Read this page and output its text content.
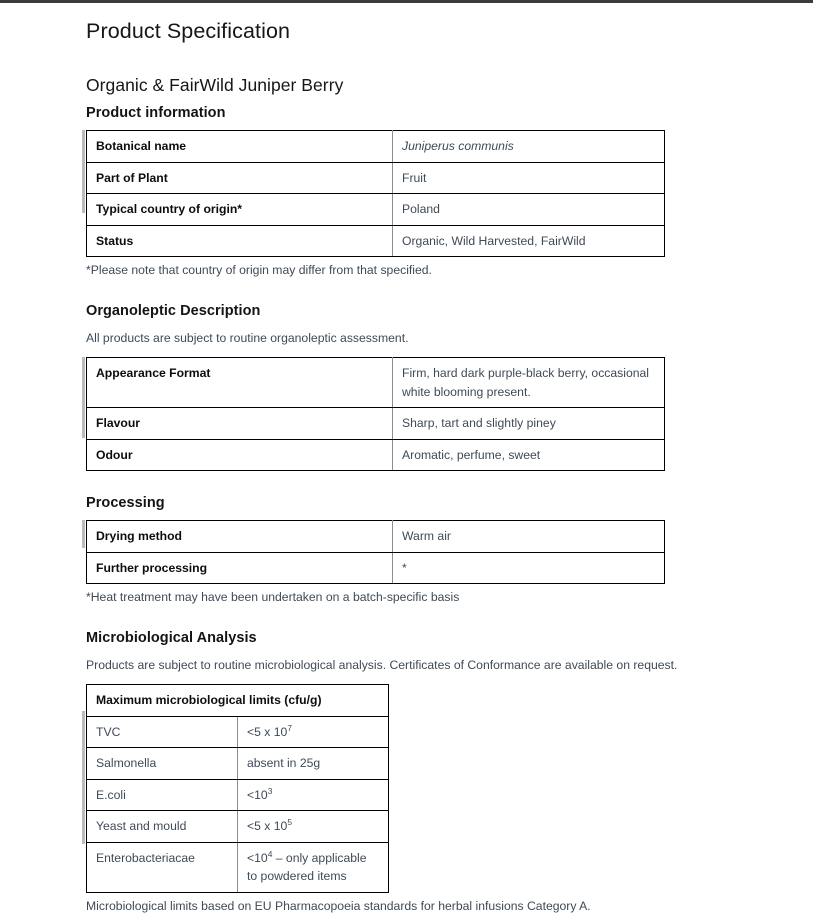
Product Specification
Organic & FairWild Juniper Berry
Product information
Botanical name	Juniperus communis
Part of Plant	Fruit
Typical country of origin*	Poland
Status	Organic, Wild Harvested, FairWild

*Please note that country of origin may differ from that specified.

Organoleptic Description

All products are subject to routine organoleptic assessment.

Appearance Format	Firm, hard dark purple-black berry, occasional white blooming present.
Flavour	Sharp, tart and slightly piney
Odour	Aromatic, perfume, sweet
Processing
Drying method	Warm air
Further processing	*

*Heat treatment may have been undertaken on a batch-specific basis

Microbiological Analysis

Products are subject to routine microbiological analysis. Certificates of Conformance are available on request.

Maximum microbiological limits (cfu/g)	
TVC	<5 x $10^7$
Salmonella	absent in 25g
E.coli	$<10^3$
Yeast and mould	<5 x $10^5$
Enterobacteriacae	$<10^4$ – only applicable to powdered items

Microbiological limits based on EU Pharmacopoeia standards for herbal infusions Category A.
